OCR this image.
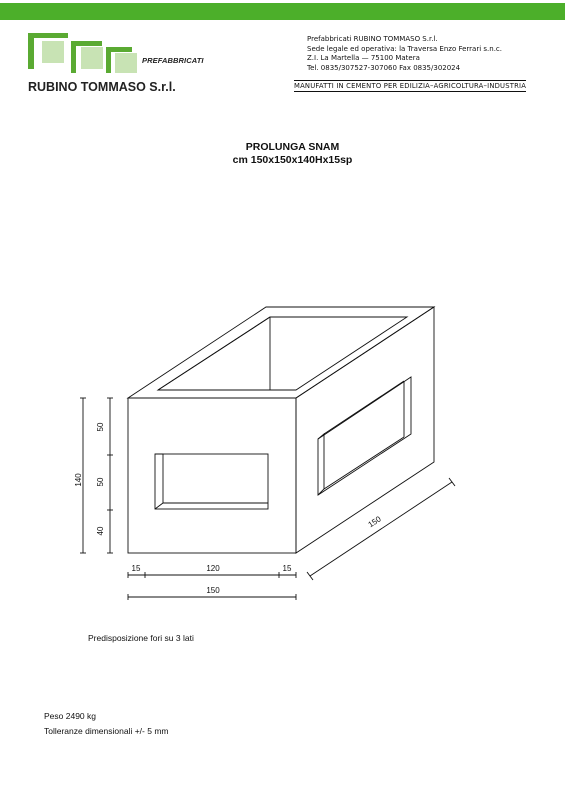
PREFABBRICATI
RUBINO TOMMASO S.r.l.
Prefabbricati RUBINO TOMMASO S.r.l.
Sede legale ed operativa: la Traversa Enzo Ferrari s.n.c.
Z.I. La Martella — 75100 Matera
Tel. 0835/307527-307060 Fax 0835/302024
MANUFATTI IN CEMENTO PER EDILIZIA–AGRICOLTURA–INDUSTRIA
PROLUNGA SNAM
cm 150x150x140Hx15sp
140
50
50
40
15	120	15
150
150
Predisposizione fori su 3 lati
Peso 2490 kg
Tolleranze dimensionali +/- 5 mm
